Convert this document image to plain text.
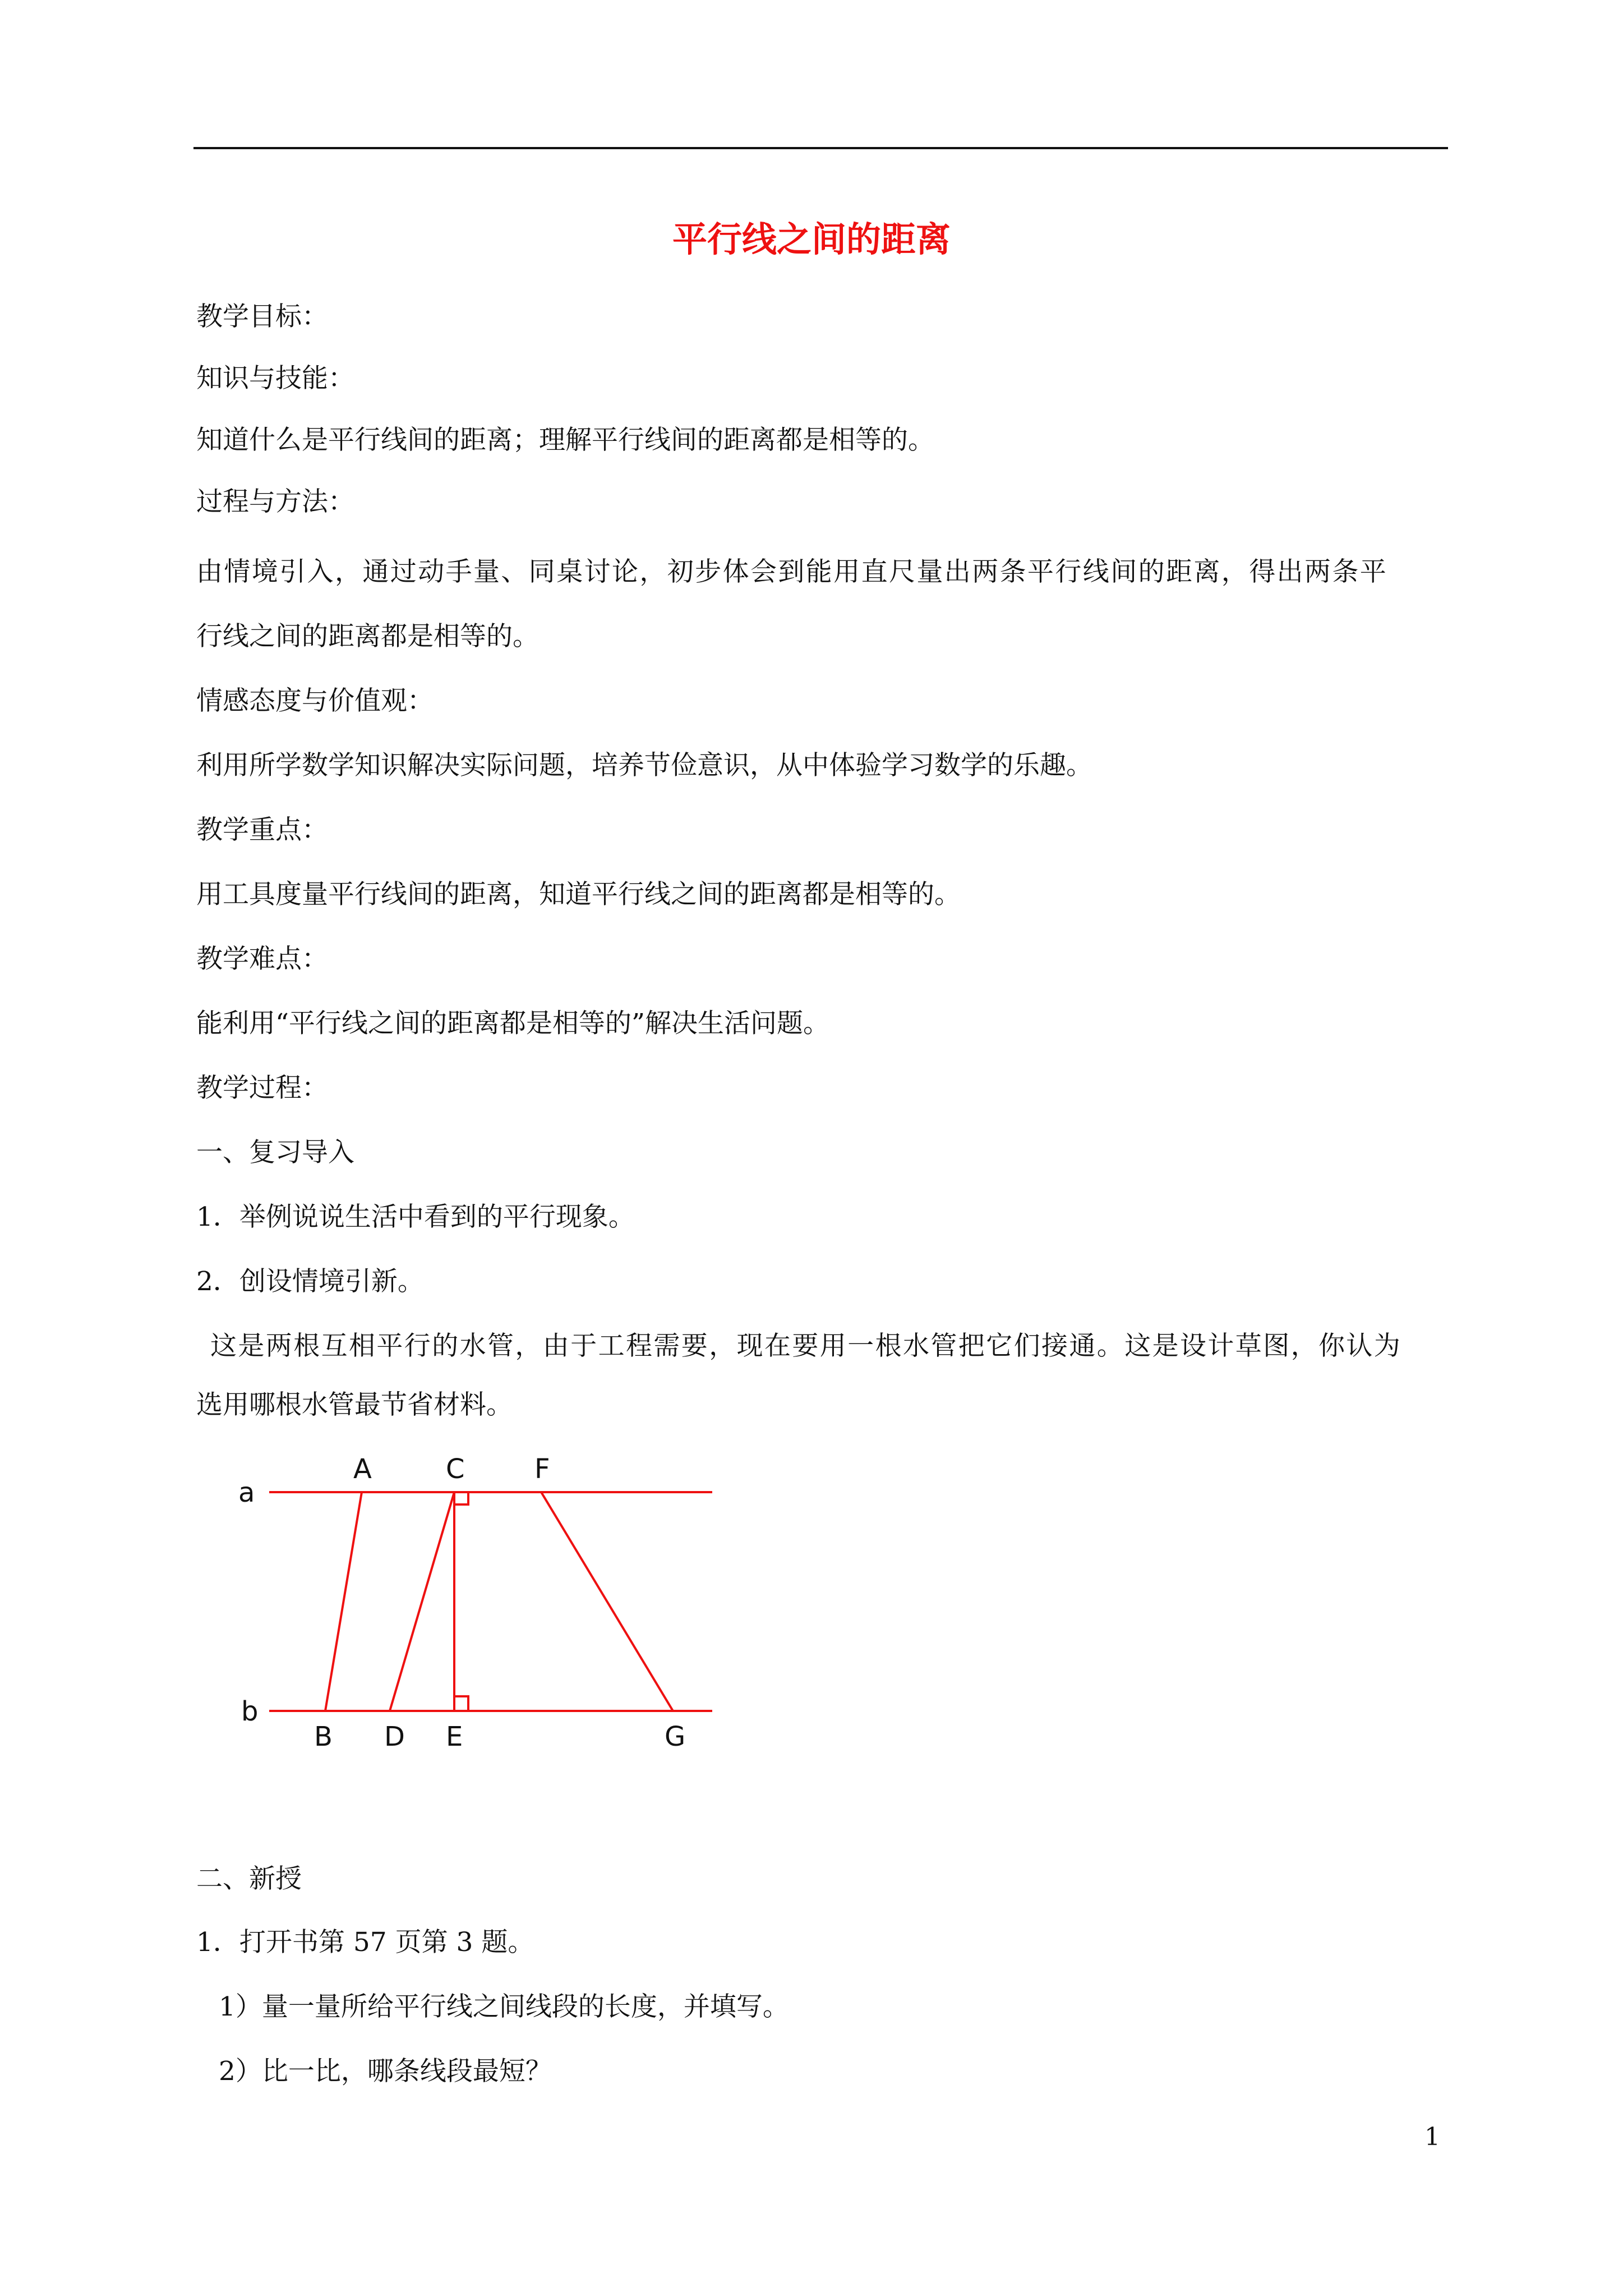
平行线之间的距离
教学目标：
知识与技能：
知道什么是平行线间的距离；理解平行线间的距离都是相等的。
过程与方法：
由情境引入，通过动手量、同桌讨论，初步体会到能用直尺量出两条平行线间的距离，得出两条平
行线之间的距离都是相等的。
情感态度与价值观：
利用所学数学知识解决实际问题，培养节俭意识，从中体验学习数学的乐趣。
教学重点：
用工具度量平行线间的距离，知道平行线之间的距离都是相等的。
教学难点：
能利用“平行线之间的距离都是相等的”解决生活问题。
教学过程：
一、复习导入
1．举例说说生活中看到的平行现象。
2．创设情境引新。
这是两根互相平行的水管，由于工程需要，现在要用一根水管把它们接通。这是设计草图，你认为
选用哪根水管最节省材料。
a
b
A	C	F
B D E	G
二、新授
1．打开书第 57 页第 3 题。
1）量一量所给平行线之间线段的长度，并填写。
2）比一比，哪条线段最短？
1
